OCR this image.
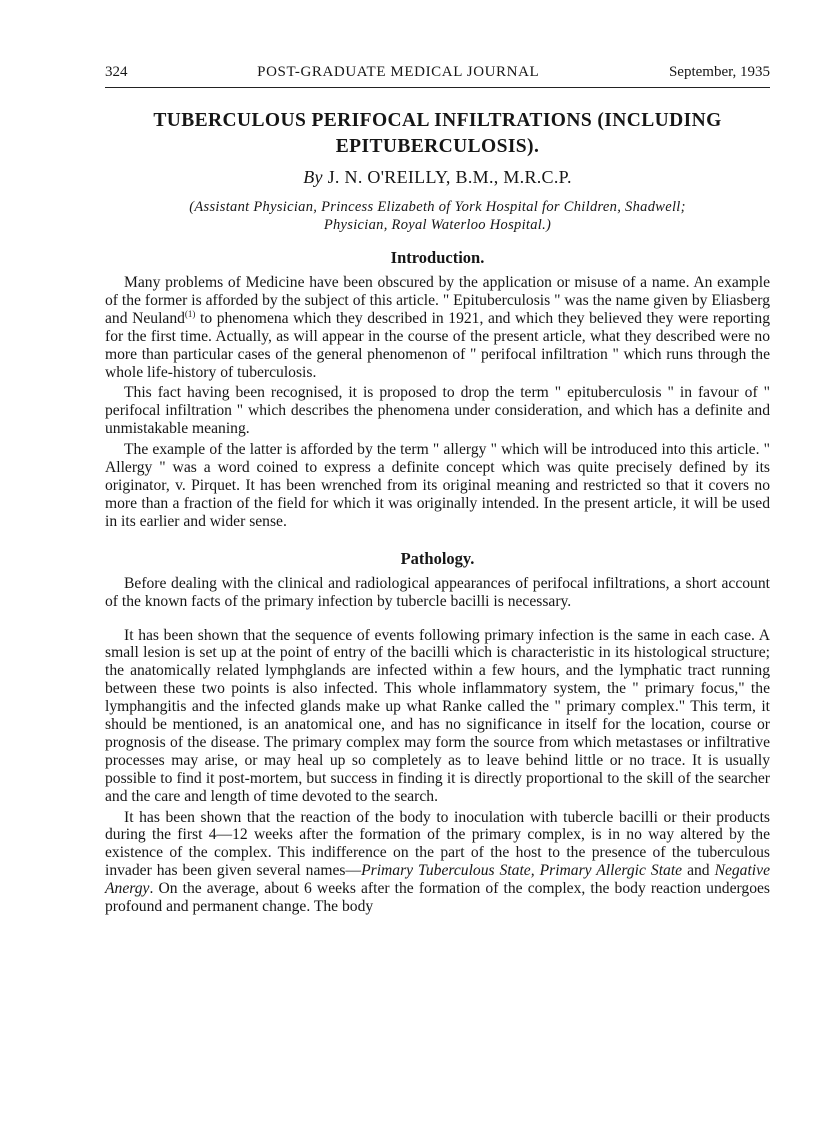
324	POST-GRADUATE MEDICAL JOURNAL	September, 1935
TUBERCULOUS PERIFOCAL INFILTRATIONS (INCLUDING EPITUBERCULOSIS).
By J. N. O'REILLY, B.M., M.R.C.P.
(Assistant Physician, Princess Elizabeth of York Hospital for Children, Shadwell;
Physician, Royal Waterloo Hospital.)
Introduction.

Many problems of Medicine have been obscured by the application or misuse of a name. An example of the former is afforded by the subject of this article. " Epituberculosis " was the name given by Eliasberg and Neuland$^{(1)}$ to phenomena which they described in 1921, and which they believed they were reporting for the first time. Actually, as will appear in the course of the present article, what they described were no more than particular cases of the general phenomenon of " perifocal infiltration " which runs through the whole life-history of tuberculosis.

This fact having been recognised, it is proposed to drop the term " epituberculosis " in favour of " perifocal infiltration " which describes the phenomena under consideration, and which has a definite and unmistakable meaning.

The example of the latter is afforded by the term " allergy " which will be introduced into this article. " Allergy " was a word coined to express a definite concept which was quite precisely defined by its originator, v. Pirquet. It has been wrenched from its original meaning and restricted so that it covers no more than a fraction of the field for which it was originally intended. In the present article, it will be used in its earlier and wider sense.

Pathology.

Before dealing with the clinical and radiological appearances of perifocal infiltrations, a short account of the known facts of the primary infection by tubercle bacilli is necessary.

It has been shown that the sequence of events following primary infection is the same in each case. A small lesion is set up at the point of entry of the bacilli which is characteristic in its histological structure; the anatomically related lymphglands are infected within a few hours, and the lymphatic tract running between these two points is also infected. This whole inflammatory system, the " primary focus," the lymphangitis and the infected glands make up what Ranke called the " primary complex." This term, it should be mentioned, is an anatomical one, and has no significance in itself for the location, course or prognosis of the disease. The primary complex may form the source from which metastases or infiltrative processes may arise, or may heal up so completely as to leave behind little or no trace. It is usually possible to find it post-mortem, but success in finding it is directly proportional to the skill of the searcher and the care and length of time devoted to the search.

It has been shown that the reaction of the body to inoculation with tubercle bacilli or their products during the first 4—12 weeks after the formation of the primary complex, is in no way altered by the existence of the complex. This indifference on the part of the host to the presence of the tuberculous invader has been given several names—Primary Tuberculous State, Primary Allergic State and Negative Anergy. On the average, about 6 weeks after the formation of the complex, the body reaction undergoes profound and permanent change. The body
